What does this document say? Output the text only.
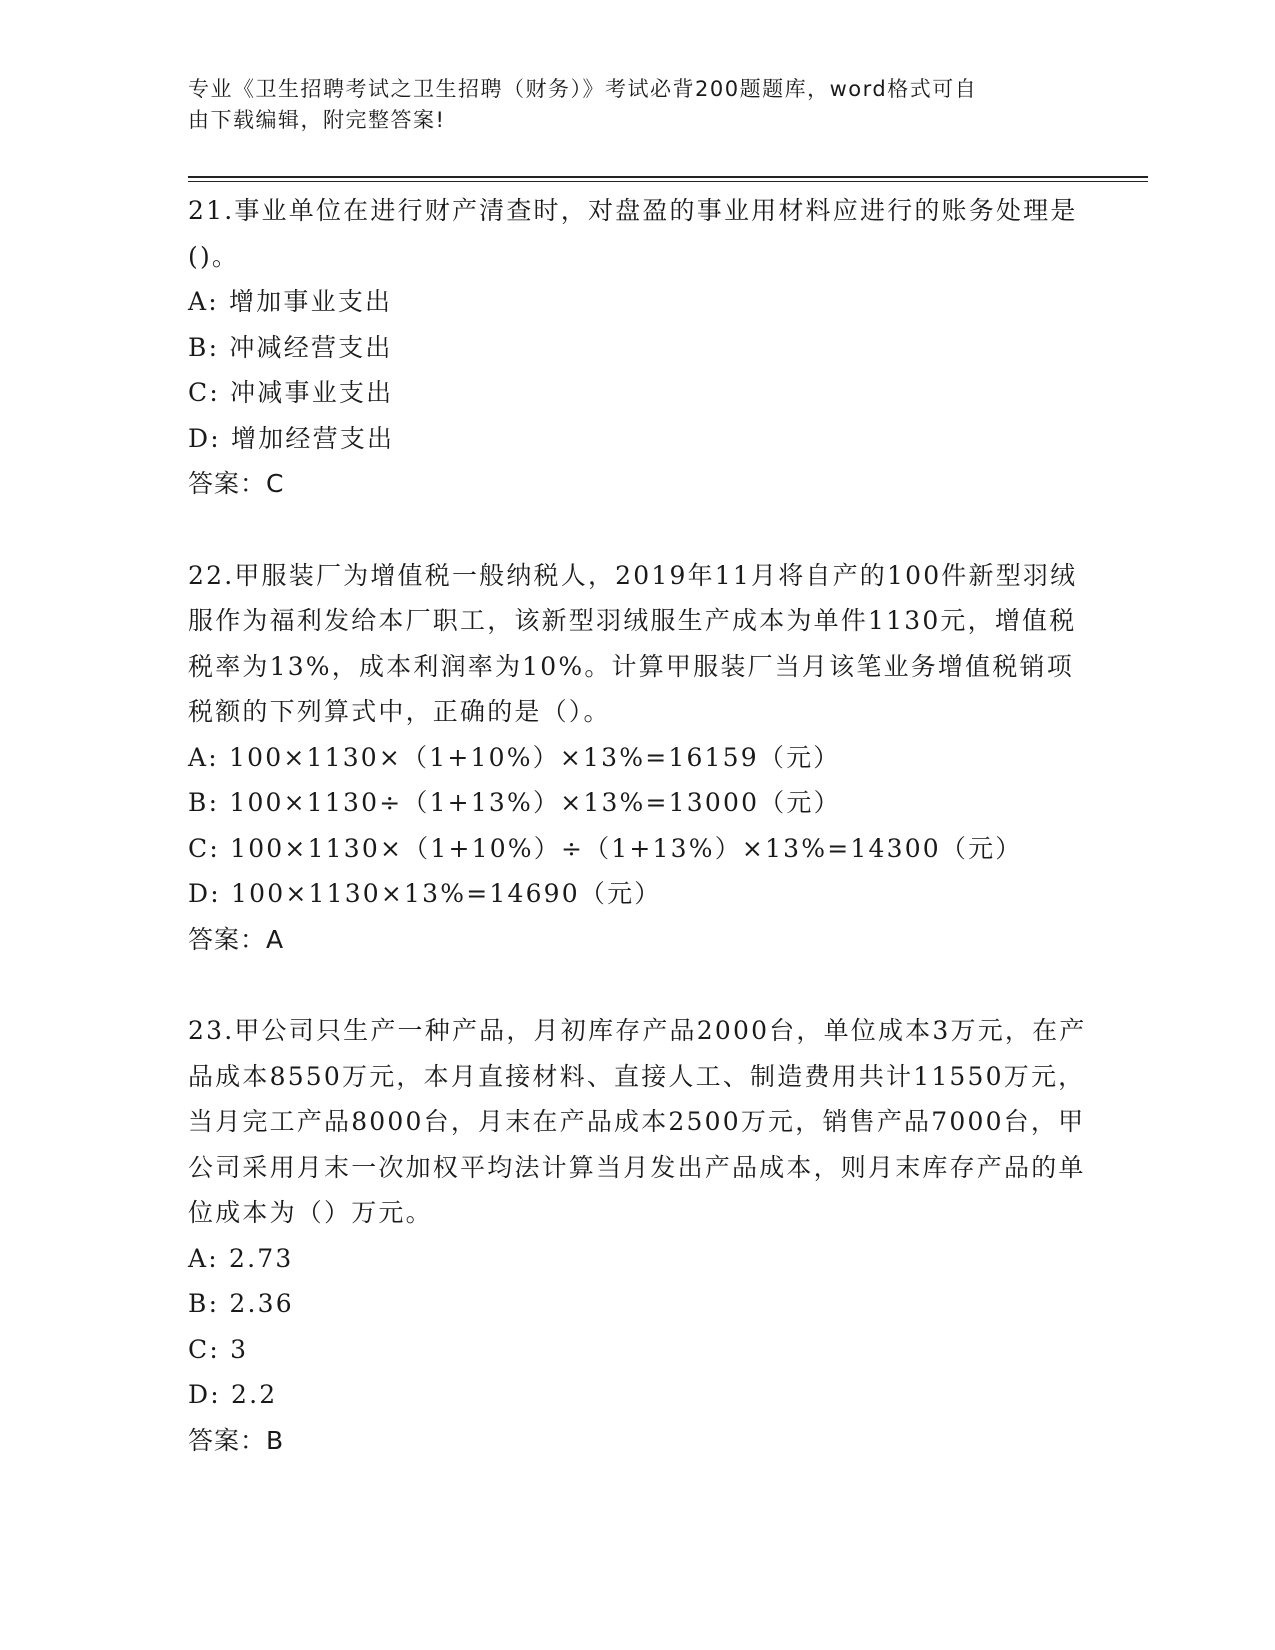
专业《卫生招聘考试之卫生招聘（财务）》考试必背200题题库，word格式可自
由下载编辑，附完整答案!

21.事业单位在进行财产清查时，对盘盈的事业用材料应进行的账务处理是()。

A: 增加事业支出

B: 冲减经营支出

C: 冲减事业支出

D: 增加经营支出

答案：C

22.甲服装厂为增值税一般纳税人，2019年11月将自产的100件新型羽绒服作为福利发给本厂职工，该新型羽绒服生产成本为单件1130元，增值税税率为13%，成本利润率为10%。计算甲服装厂当月该笔业务增值税销项税额的下列算式中，正确的是（）。

A: 100×1130×（1+10%）×13%=16159（元）

B: 100×1130÷（1+13%）×13%=13000（元）

C: 100×1130×（1+10%）÷（1+13%）×13%=14300（元）

D: 100×1130×13%=14690（元）

答案：A

23.甲公司只生产一种产品，月初库存产品2000台，单位成本3万元，在产品成本8550万元，本月直接材料、直接人工、制造费用共计11550万元，当月完工产品8000台，月末在产品成本2500万元，销售产品7000台，甲公司采用月末一次加权平均法计算当月发出产品成本，则月末库存产品的单位成本为（）万元。

A: 2.73

B: 2.36

C: 3

D: 2.2

答案：B
